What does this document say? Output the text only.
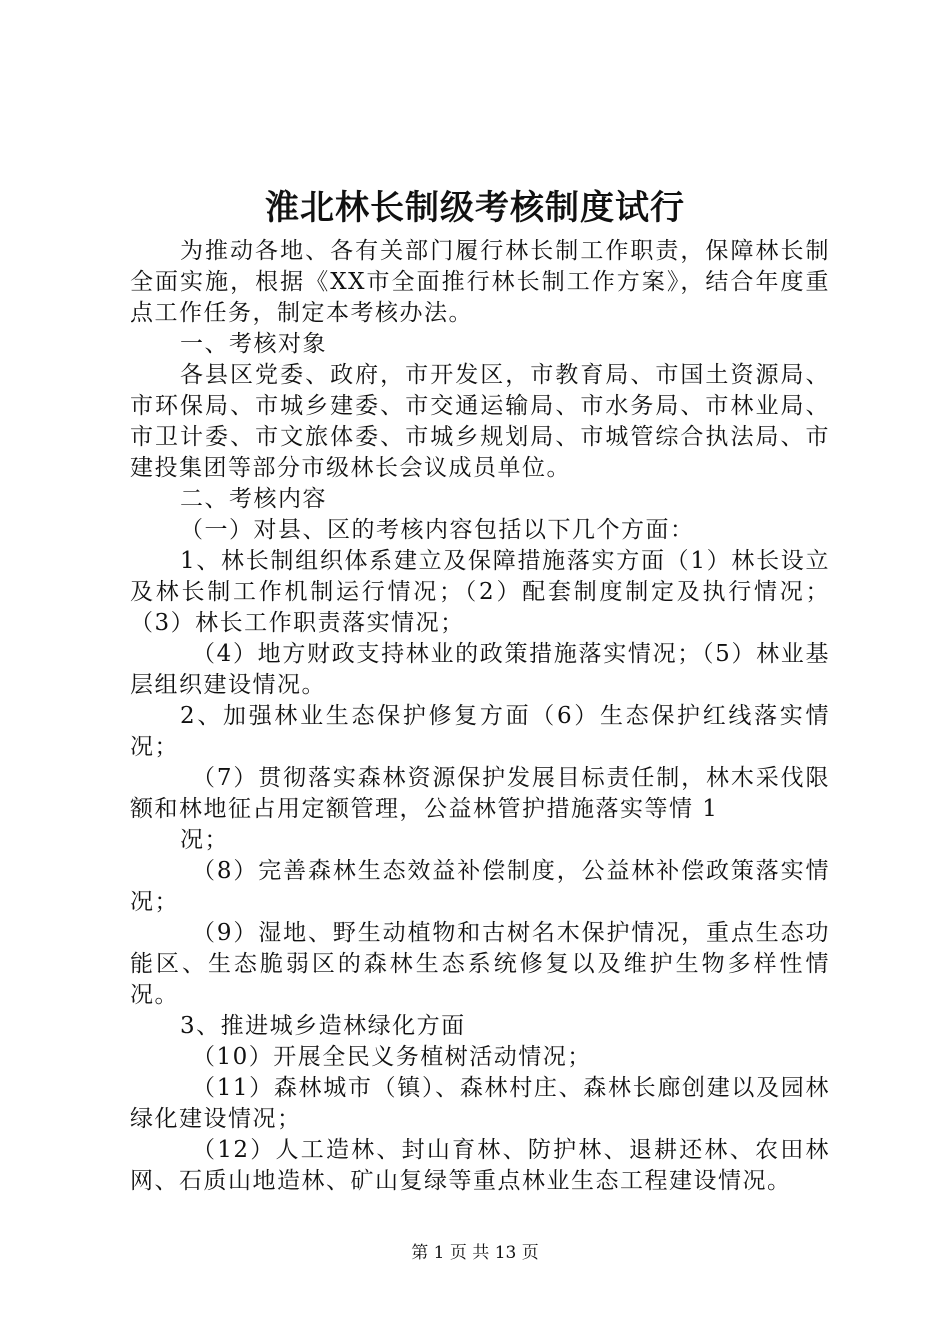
淮北林长制级考核制度试行

为推动各地、各有关部门履行林长制工作职责，保障林长制全面实施，根据《XX市全面推行林长制工作方案》，结合年度重点工作任务，制定本考核办法。

一、考核对象

各县区党委、政府，市开发区，市教育局、市国土资源局、市环保局、市城乡建委、市交通运输局、市水务局、市林业局、市卫计委、市文旅体委、市城乡规划局、市城管综合执法局、市建投集团等部分市级林长会议成员单位。

二、考核内容

（一）对县、区的考核内容包括以下几个方面：

1、林长制组织体系建立及保障措施落实方面（1）林长设立及林长制工作机制运行情况；（2）配套制度制定及执行情况；（3）林长工作职责落实情况；

（4）地方财政支持林业的政策措施落实情况；（5）林业基层组织建设情况。

2、加强林业生态保护修复方面（6）生态保护红线落实情况；

（7）贯彻落实森林资源保护发展目标责任制，林木采伐限额和林地征占用定额管理，公益林管护措施落实等情 1

况；

（8）完善森林生态效益补偿制度，公益林补偿政策落实情况；

（9）湿地、野生动植物和古树名木保护情况，重点生态功能区、生态脆弱区的森林生态系统修复以及维护生物多样性情况。

3、推进城乡造林绿化方面

（10）开展全民义务植树活动情况；

（11）森林城市（镇）、森林村庄、森林长廊创建以及园林绿化建设情况；

（12）人工造林、封山育林、防护林、退耕还林、农田林网、石质山地造林、矿山复绿等重点林业生态工程建设情况。

第 1 页 共 13 页
